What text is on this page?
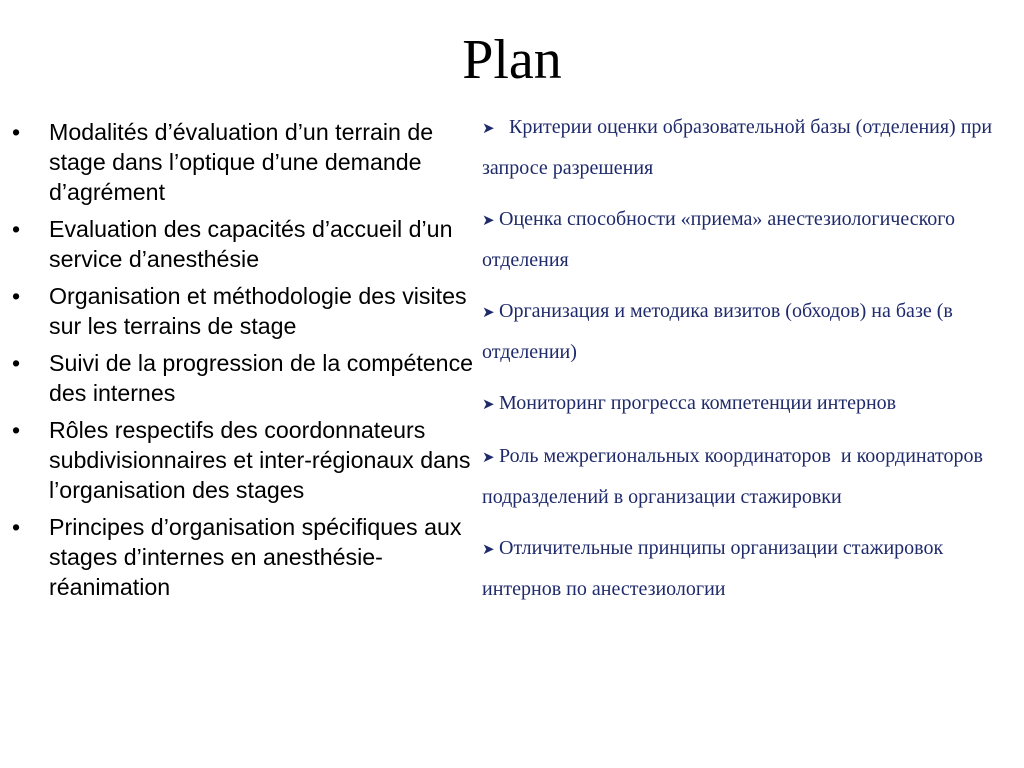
Plan
• Modalités d’évaluation d’un terrain de stage dans l’optique d’une demande d’agrément
• Evaluation des capacités d’accueil d’un service d’anesthésie
• Organisation et méthodologie des visites sur les terrains de stage
• Suivi de la progression de la compétence des internes
• Rôles respectifs des coordonnateurs subdivisionnaires et inter-régionaux dans l’organisation des stages
• Principes d’organisation spécifiques aux stages d’internes en anesthésie-réanimation
➤ Критерии оценки образовательной базы (отделения) при запросе разрешения
➤ Оценка способности «приема» анестезиологического отделения
➤ Организация и методика визитов (обходов) на базе (в отделении)
➤ Мониторинг прогресса компетенции интернов
➤ Роль межрегиональных координаторов  и координаторов подразделений в организации стажировки
➤ Отличительные принципы организации стажировок интернов по анестезиологии
